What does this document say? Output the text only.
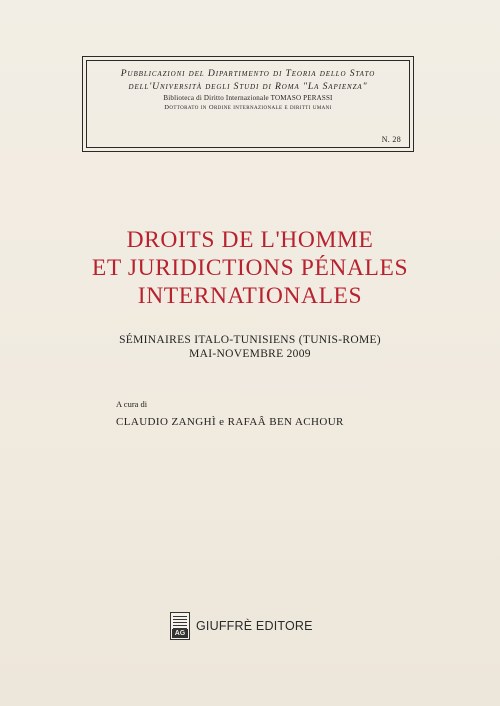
Pubblicazioni del Dipartimento di Teoria dello Stato
dell'Università degli Studi di Roma "La Sapienza"
Biblioteca di Diritto Internazionale TOMASO PERASSI
Dottorato in Ordine internazionale e diritti umani
N. 28
DROITS DE L'HOMME
ET JURIDICTIONS PÉNALES
INTERNATIONALES
SÉMINAIRES ITALO-TUNISIENS (TUNIS-ROME)
MAI-NOVEMBRE 2009
A cura di
CLAUDIO ZANGHÌ e RAFAÂ BEN ACHOUR
AG
GIUFFRÈ EDITORE
